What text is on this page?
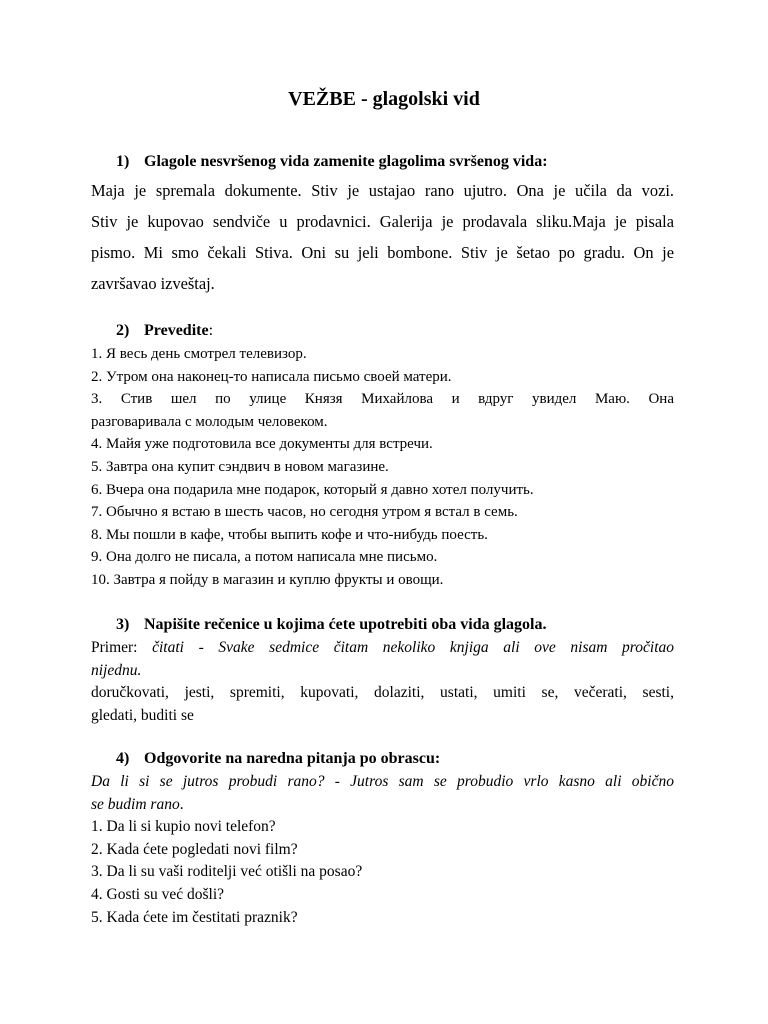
VEŽBE - glagolski vid
1) Glagole nesvršenog vida zamenite glagolima svršenog vida:
Maja je spremala dokumente. Stiv je ustajao rano ujutro. Ona je učila da vozi.
Stiv je kupovao sendviče u prodavnici. Galerija je prodavala sliku.Maja je pisala
pismo. Mi smo čekali Stiva. Oni su jeli bombone. Stiv je šetao po gradu. On je
završavao izveštaj.
2) Prevedite:
1. Я весь день смотрел телевизор.
2. Утром она наконец-то написала письмо своей матери.
3. Стив шел по улице Князя Михайлова и вдруг увидел Маю. Она
разговаривала с молодым человеком.
4. Майя уже подготовила все документы для встречи.
5. Завтра она купит сэндвич в новом магазине.
6. Вчера она подарила мне подарок, который я давно хотел получить.
7. Обычно я встаю в шесть часов, но сегодня утром я встал в семь.
8. Мы пошли в кафе, чтобы выпить кофе и что-нибудь поесть.
9. Она долго не писала, а потом написала мне письмо.
10. Завтра я пойду в магазин и куплю фрукты и овощи.
3) Napišite rečenice u kojima ćete upotrebiti oba vida glagola.
Primer: čitati - Svake sedmice čitam nekoliko knjiga ali ove nisam pročitao
nijednu.
doručkovati, jesti, spremiti, kupovati, dolaziti, ustati, umiti se, večerati, sesti,
gledati, buditi se
4) Odgovorite na naredna pitanja po obrascu:
Da li si se jutros probudi rano? - Jutros sam se probudio vrlo kasno ali obično
se budim rano.
1. Da li si kupio novi telefon?
2. Kada ćete pogledati novi film?
3. Da li su vaši roditelji već otišli na posao?
4. Gosti su već došli?
5. Kada ćete im čestitati praznik?
